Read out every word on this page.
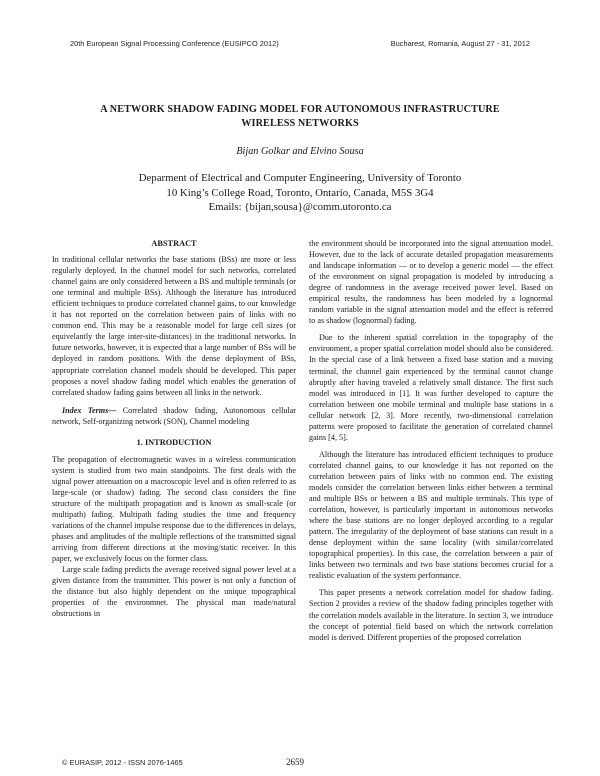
20th European Signal Processing Conference (EUSIPCO 2012)	Bucharest, Romania, August 27 - 31, 2012
A NETWORK SHADOW FADING MODEL FOR AUTONOMOUS INFRASTRUCTURE
WIRELESS NETWORKS
Bijan Golkar and Elvino Sousa
Deparment of Electrical and Computer Engineering, University of Toronto
10 King’s College Road, Toronto, Ontario, Canada, M5S 3G4
Emails: {bijan,sousa}@comm.utoronto.ca
ABSTRACT

In traditional cellular networks the base stations (BSs) are more or less regularly deployed. In the channel model for such networks, correlated channel gains are only considered between a BS and multiple terminals (or one terminal and multiple BSs). Although the literature has introduced efficient techniques to produce correlated channel gains, to our knowledge it has not reported on the correlation between pairs of links with no common end. This may be a reasonable model for large cell sizes (or equivelantly the large inter-site-distances) in the traditional networks. In future networks, however, it is expected that a large number of BSs will be deployed in random positions. With the dense deployment of BSs, appropriate correlation channel models should be developed. This paper proposes a novel shadow fading model which enables the generation of correlated shadow fading gains between all links in the network.

Index Terms— Correlated shadow fading, Autonomous cellular network, Self-organizing network (SON), Channel modeling

1. INTRODUCTION

The propagation of electromagnetic waves in a wireless communication system is studied from two main standpoints. The first deals with the signal power attenuation on a macroscopic level and is often referred to as large-scale (or shadow) fading. The second class considers the fine structure of the multipath propagation and is known as small-scale (or multipath) fading. Multipath fading studies the time and frequency variations of the channel impulse response due to the differences in delays, phases and amplitudes of the multiple reflections of the transmitted signal arriving from different directions at the moving/static receiver. In this paper, we exclusively focus on the former class.

Large scale fading predicts the average received signal power level at a given distance from the transmitter. This power is not only a function of the distance but also highly dependent on the unique topographical properties of the environmnet. The physical man made/natural obstructions in

the environment should be incorporated into the signal attenuation model. However, due to the lack of accurate detailed propagation measurements and landscape information — or to develop a generic model — the effect of the environment on signal propagation is modeled by introducing a degree of randomness in the average received power level. Based on empirical results, the randomness has been modeled by a lognormal random variable in the signal attenuation model and the effect is referred to as shadow (lognormal) fading.

Due to the inherent spatial correlation in the topography of the environment, a proper spatial correlation model should also be considered. In the special case of a link between a fixed base station and a moving terminal, the channel gain experienced by the terminal cannot change abruptly after having traveled a relatively small distance. The first such model was introduced in [1]. It was further developed to capture the correlation between one mobile terminal and multiple base stations in a cellular network [2, 3]. More recently, two-dimensional correlation patterns were proposed to facilitate the generation of correlated channel gains [4, 5].

Although the literature has introduced efficient techniques to produce correlated channel gains, to our knowledge it has not reported on the correlation between pairs of links with no common end. The existing models consider the correlation between links either between a terminal and multiple BSs or between a BS and multiple terminals. This type of correlation, however, is particularly important in autonomous networks where the base stations are no longer deployed according to a regular pattern. The irregularity of the deployment of base stations can result in a dense deployment within the same locality (with similar/correlated topographical properties). In this case, the correlation between a pair of links between two terminals and two base stations becomes crucial for a realistic evaluation of the system performance.

This paper presents a network correlation model for shadow fading. Section 2 provides a review of the shadow fading principles together with the correlation models available in the literature. In section 3, we introduce the concept of potential field based on which the network correlation model is derived. Different properties of the proposed correlation

© EURASIP, 2012 - ISSN 2076-1465	2659
